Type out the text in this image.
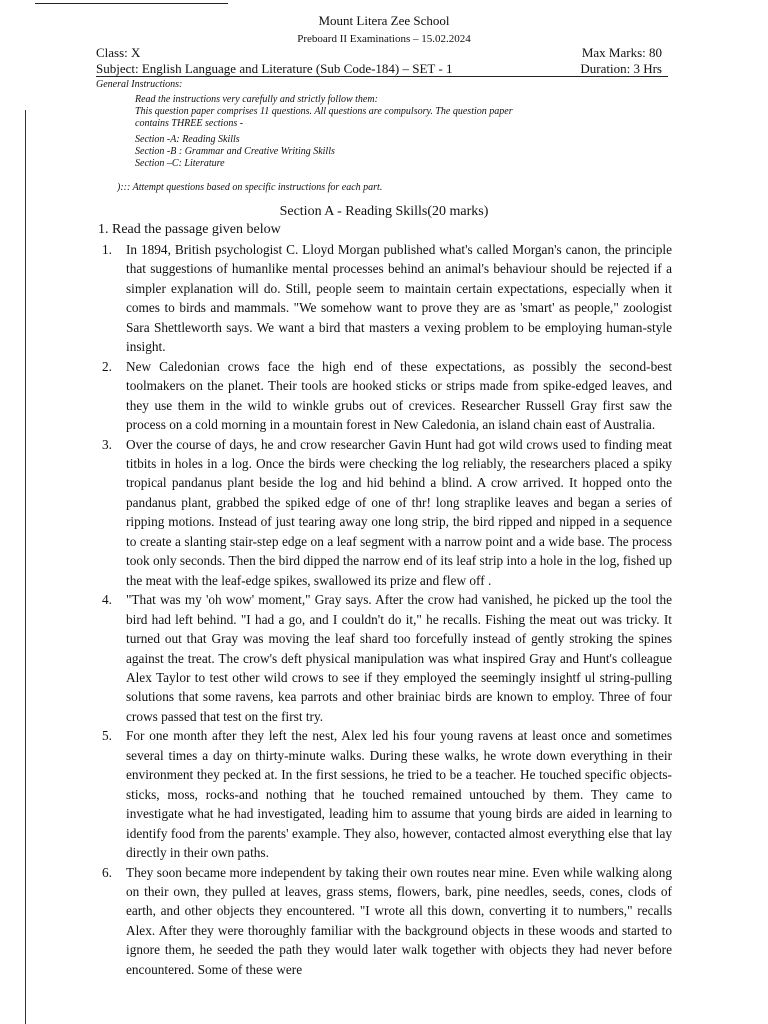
Mount Litera Zee School
Preboard II Examinations – 15.02.2024
Class: X	Max Marks: 80
Subject: English Language and Literature (Sub Code-184) – SET - 1	Duration: 3 Hrs
General Instructions:
Read the instructions very carefully and strictly follow them:
This question paper comprises 11 questions. All questions are compulsory. The question paper
contains THREE sections -
Section -A: Reading Skills
Section -B : Grammar and Creative Writing Skills
Section –C: Literature
)::: Attempt questions based on specific instructions for each part.
Section A - Reading Skills(20 marks)
1. Read the passage given below
1.	In 1894, British psychologist C. Lloyd Morgan published what's called Morgan's canon, the principle that suggestions of humanlike mental processes behind an animal's behaviour should be rejected if a simpler explanation will do. Still, people seem to maintain certain expectations, especially when it comes to birds and mammals. "We somehow want to prove they are as 'smart' as people," zoologist Sara Shettleworth says. We want a bird that masters a vexing problem to be employing human-style insight.
2.	New Caledonian crows face the high end of these expectations, as possibly the second-best toolmakers on the planet. Their tools are hooked sticks or strips made from spike-edged leaves, and they use them in the wild to winkle grubs out of crevices. Researcher Russell Gray first saw the process on a cold morning in a mountain forest in New Caledonia, an island chain east of Australia.
3.	Over the course of days, he and crow researcher Gavin Hunt had got wild crows used to finding meat titbits in holes in a log. Once the birds were checking the log reliably, the researchers placed a spiky tropical pandanus plant beside the log and hid behind a blind. A crow arrived. It hopped onto the pandanus plant, grabbed the spiked edge of one of thr! long straplike leaves and began a series of ripping motions. Instead of just tearing away one long strip, the bird ripped and nipped in a sequence to create a slanting stair-step edge on a leaf segment with a narrow point and a wide base. The process took only seconds. Then the bird dipped the narrow end of its leaf strip into a hole in the log, fished up the meat with the leaf-edge spikes, swallowed its prize and flew off .
4.	"That was my 'oh wow' moment," Gray says. After the crow had vanished, he picked up the tool the bird had left behind. "I had a go, and I couldn't do it," he recalls. Fishing the meat out was tricky. It turned out that Gray was moving the leaf shard too forcefully instead of gently stroking the spines against the treat. The crow's deft physical manipulation was what inspired Gray and Hunt's colleague Alex Taylor to test other wild crows to see if they employed the seemingly insightf ul string-pulling solutions that some ravens, kea parrots and other brainiac birds are known to employ. Three of four crows passed that test on the first try.
5.	For one month after they left the nest, Alex led his four young ravens at least once and sometimes several times a day on thirty-minute walks. During these walks, he wrote down everything in their environment they pecked at. In the first sessions, he tried to be a teacher. He touched specific objects- sticks, moss, rocks-and nothing that he touched remained untouched by them. They came to investigate what he had investigated, leading him to assume that young birds are aided in learning to identify food from the parents' example. They also, however, contacted almost everything else that lay directly in their own paths.
6.	They soon became more independent by taking their own routes near mine. Even while walking along on their own, they pulled at leaves, grass stems, flowers, bark, pine needles, seeds, cones, clods of earth, and other objects they encountered. "I wrote all this down, converting it to numbers," recalls Alex. After they were thoroughly familiar with the background objects in these woods and started to ignore them, he seeded the path they would later walk together with objects they had never before encountered. Some of these were
